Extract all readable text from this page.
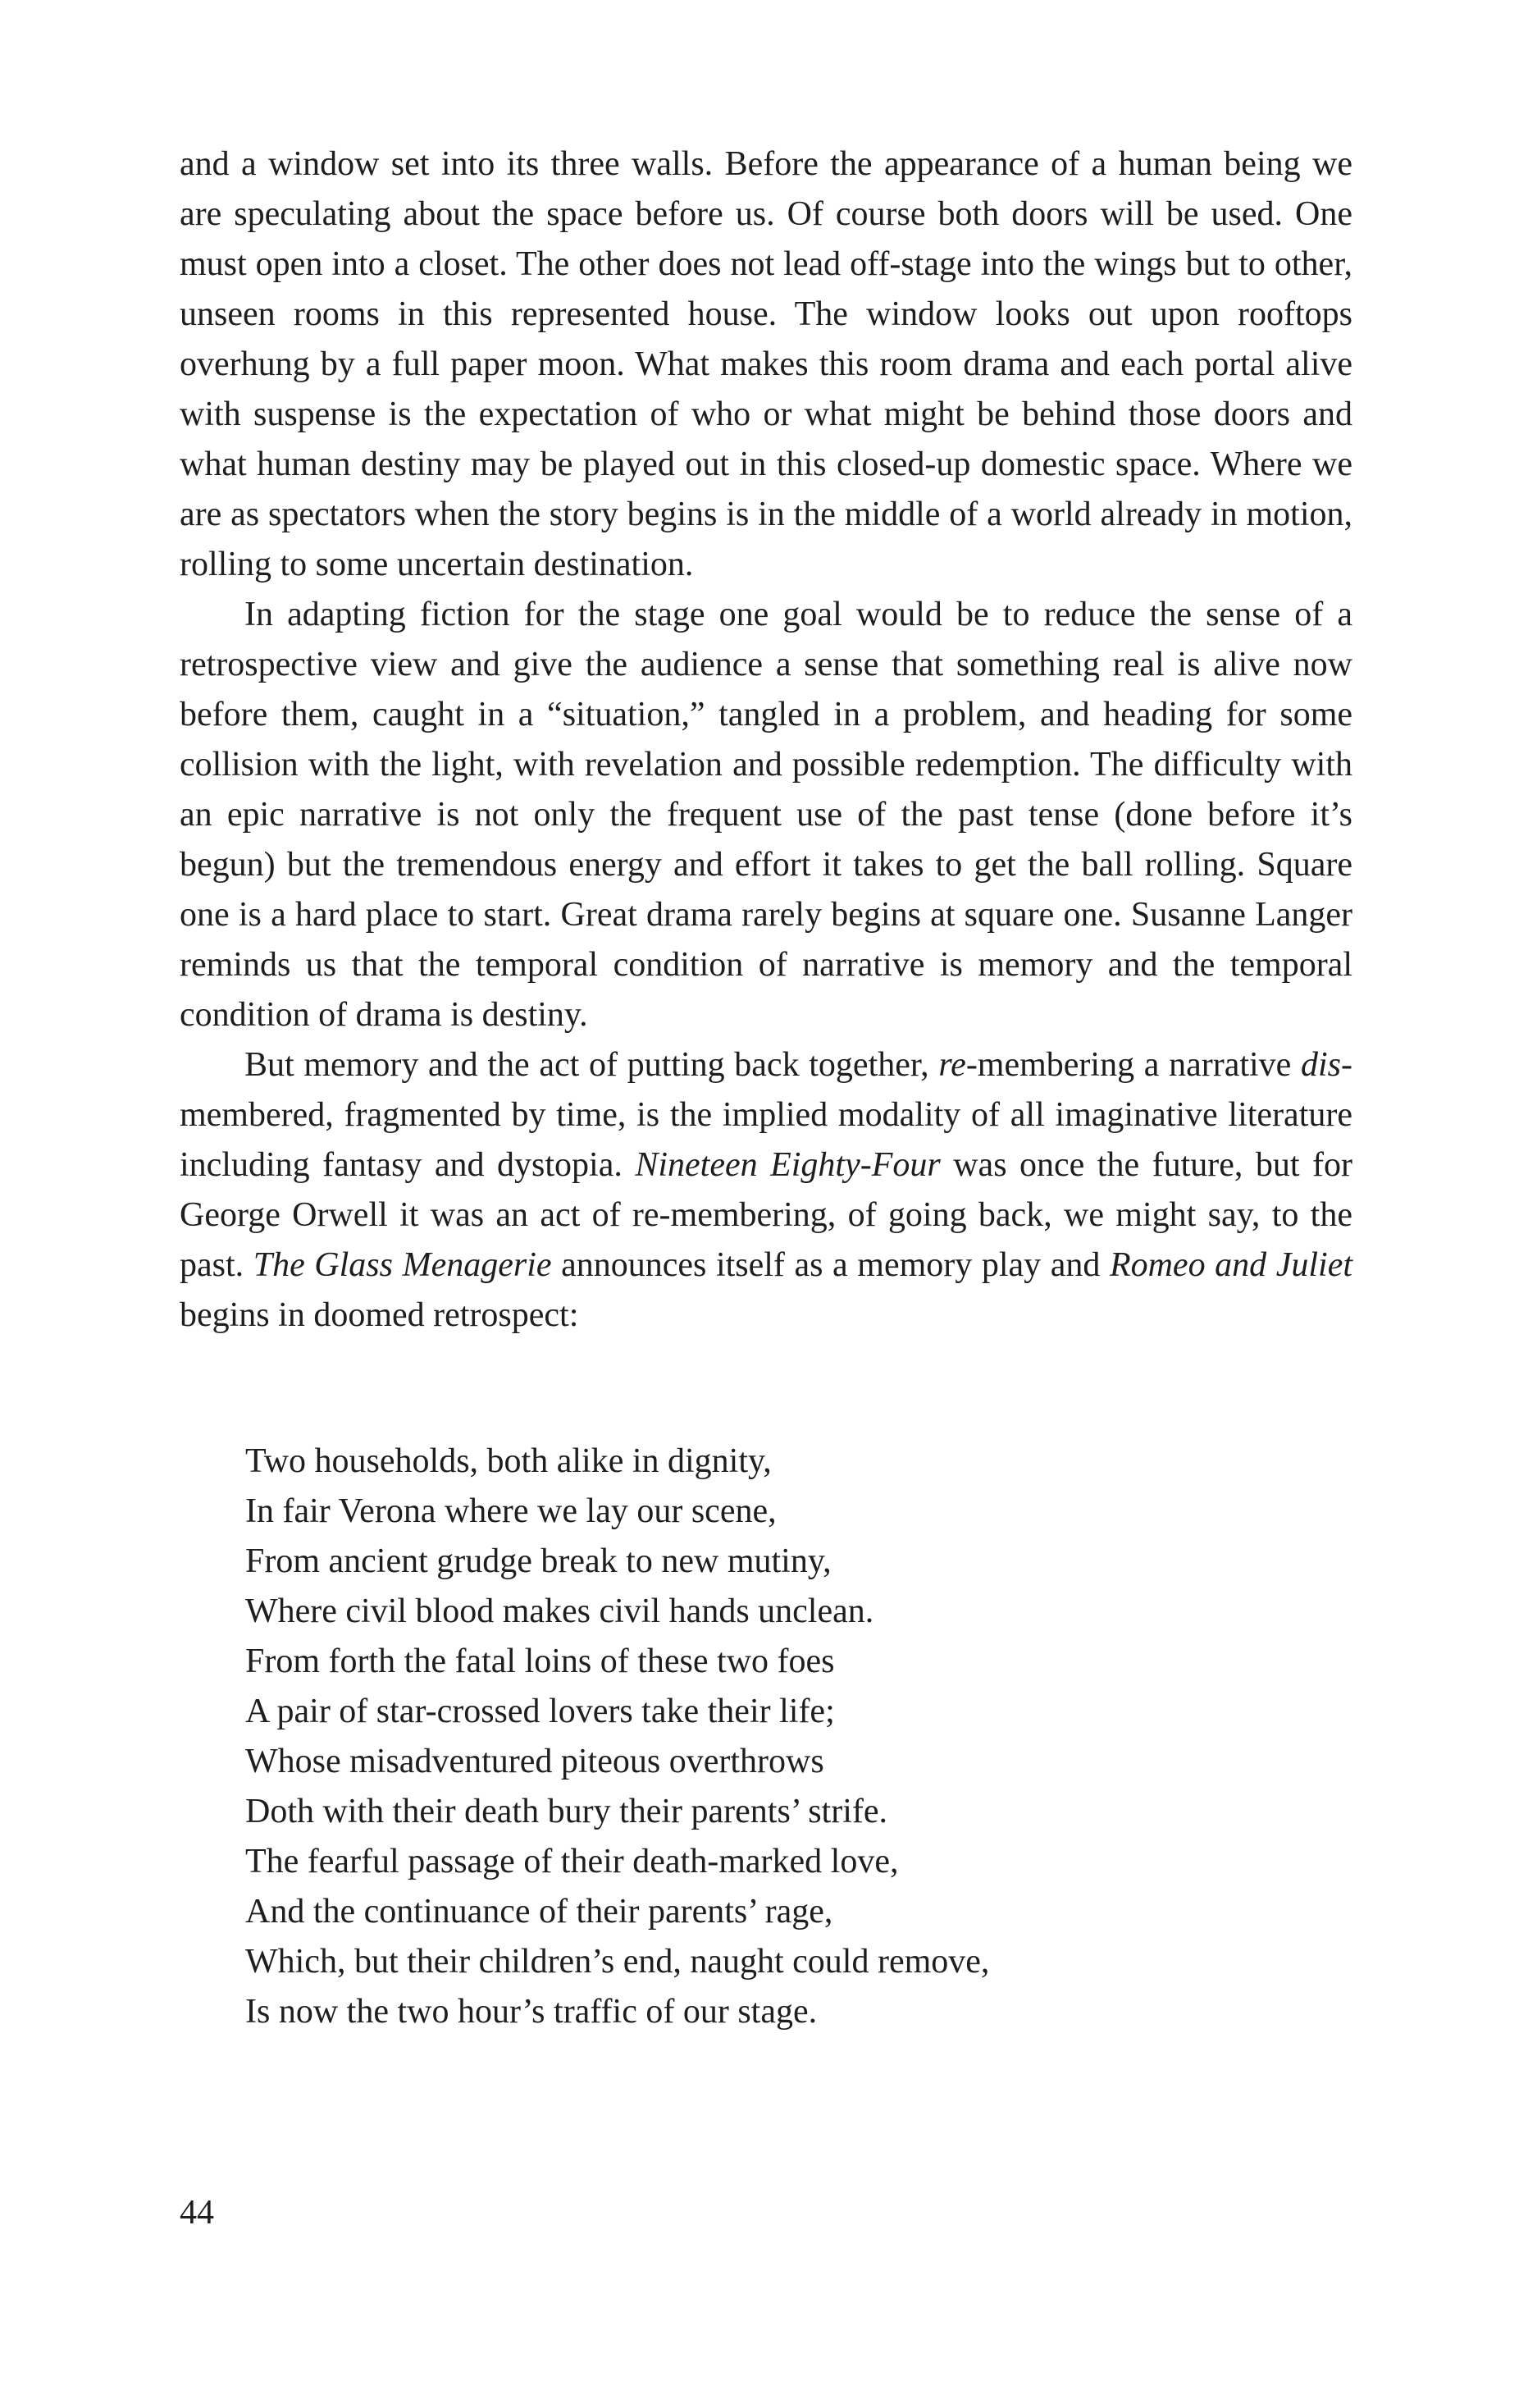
and a window set into its three walls. Before the appearance of a human being we are speculating about the space before us. Of course both doors will be used. One must open into a closet. The other does not lead off-stage into the wings but to other, unseen rooms in this represented house. The window looks out upon rooftops overhung by a full paper moon. What makes this room drama and each portal alive with suspense is the expectation of who or what might be behind those doors and what human destiny may be played out in this closed-up domestic space. Where we are as spectators when the story begins is in the middle of a world already in motion, rolling to some uncertain destination.

In adapting fiction for the stage one goal would be to reduce the sense of a retrospective view and give the audience a sense that something real is alive now before them, caught in a “situation,” tangled in a problem, and heading for some collision with the light, with revelation and possible redemption. The difficulty with an epic narrative is not only the frequent use of the past tense (done before it’s begun) but the tremendous energy and effort it takes to get the ball rolling. Square one is a hard place to start. Great drama rarely begins at square one. Susanne Langer reminds us that the temporal condition of narrative is memory and the temporal condition of drama is destiny.

But memory and the act of putting back together, re-membering a narrative dis-membered, fragmented by time, is the implied modality of all imaginative literature including fantasy and dystopia. Nineteen Eighty-Four was once the future, but for George Orwell it was an act of re-membering, of going back, we might say, to the past. The Glass Menagerie announces itself as a memory play and Romeo and Juliet begins in doomed retrospect:

Two households, both alike in dignity,
In fair Verona where we lay our scene,
From ancient grudge break to new mutiny,
Where civil blood makes civil hands unclean.
From forth the fatal loins of these two foes
A pair of star-crossed lovers take their life;
Whose misadventured piteous overthrows
Doth with their death bury their parents’ strife.
The fearful passage of their death-marked love,
And the continuance of their parents’ rage,
Which, but their children’s end, naught could remove,
Is now the two hour’s traffic of our stage.
44
